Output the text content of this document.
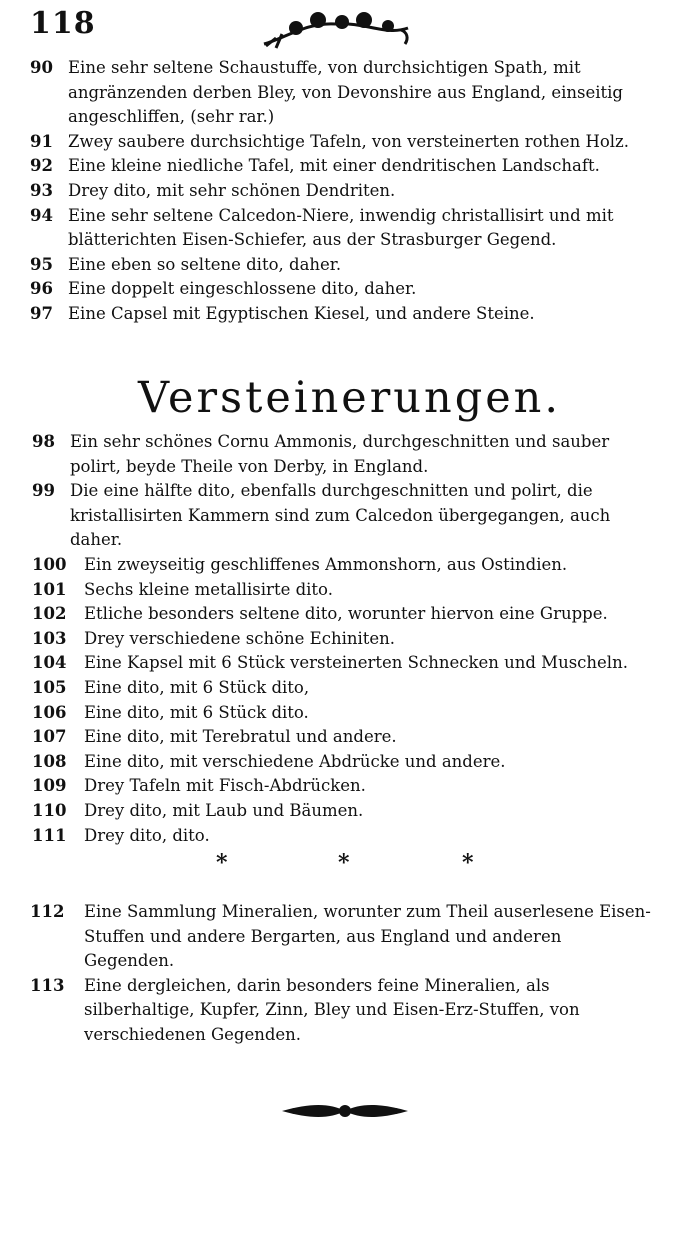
118
90 Eine sehr seltene Schaustuffe, von durchsichtigen Spath, mit angränzenden derben Bley, von Devonshire aus England, einseitig angeschliffen, (sehr rar.)
91 Zwey saubere durchsichtige Tafeln, von versteinerten rothen Holz.
92 Eine kleine niedliche Tafel, mit einer dendritischen Landschaft.
93 Drey dito, mit sehr schönen Dendriten.
94 Eine sehr seltene Calcedon-Niere, inwendig christallisirt und mit blätterichten Eisen-Schiefer, aus der Strasburger Gegend.
95 Eine eben so seltene dito, daher.
96 Eine doppelt eingeschlossene dito, daher.
97 Eine Capsel mit Egyptischen Kiesel, und andere Steine.
Versteinerungen.
98 Ein sehr schönes Cornu Ammonis, durchgeschnitten und sauber polirt, beyde Theile von Derby, in England.
99 Die eine hälfte dito, ebenfalls durchgeschnitten und polirt, die kristallisirten Kammern sind zum Calcedon übergegangen, auch daher.
100	Ein zweyseitig geschliffenes Ammonshorn, aus Ostindien.
101	Sechs kleine metallisirte dito.
102	Etliche besonders seltene dito, worunter hiervon eine Gruppe.
103	Drey verschiedene schöne Echiniten.
104	Eine Kapsel mit 6 Stück versteinerten Schnecken und Muscheln.
105	Eine dito, mit 6 Stück dito,
106	Eine dito, mit 6 Stück dito.
107	Eine dito, mit Terebratul und andere.
108	Eine dito, mit verschiedene Abdrücke und andere.
109	Drey Tafeln mit Fisch-Abdrücken.
110	Drey dito, mit Laub und Bäumen.
111	Drey dito, dito.
*	*	*
112	Eine Sammlung Mineralien, worunter zum Theil auserlesene Eisen-Stuffen und andere Bergarten, aus England und anderen Gegenden.
113	Eine dergleichen, darin besonders feine Mineralien, als silberhaltige, Kupfer, Zinn, Bley und Eisen-Erz-Stuffen, von verschiedenen Gegenden.
